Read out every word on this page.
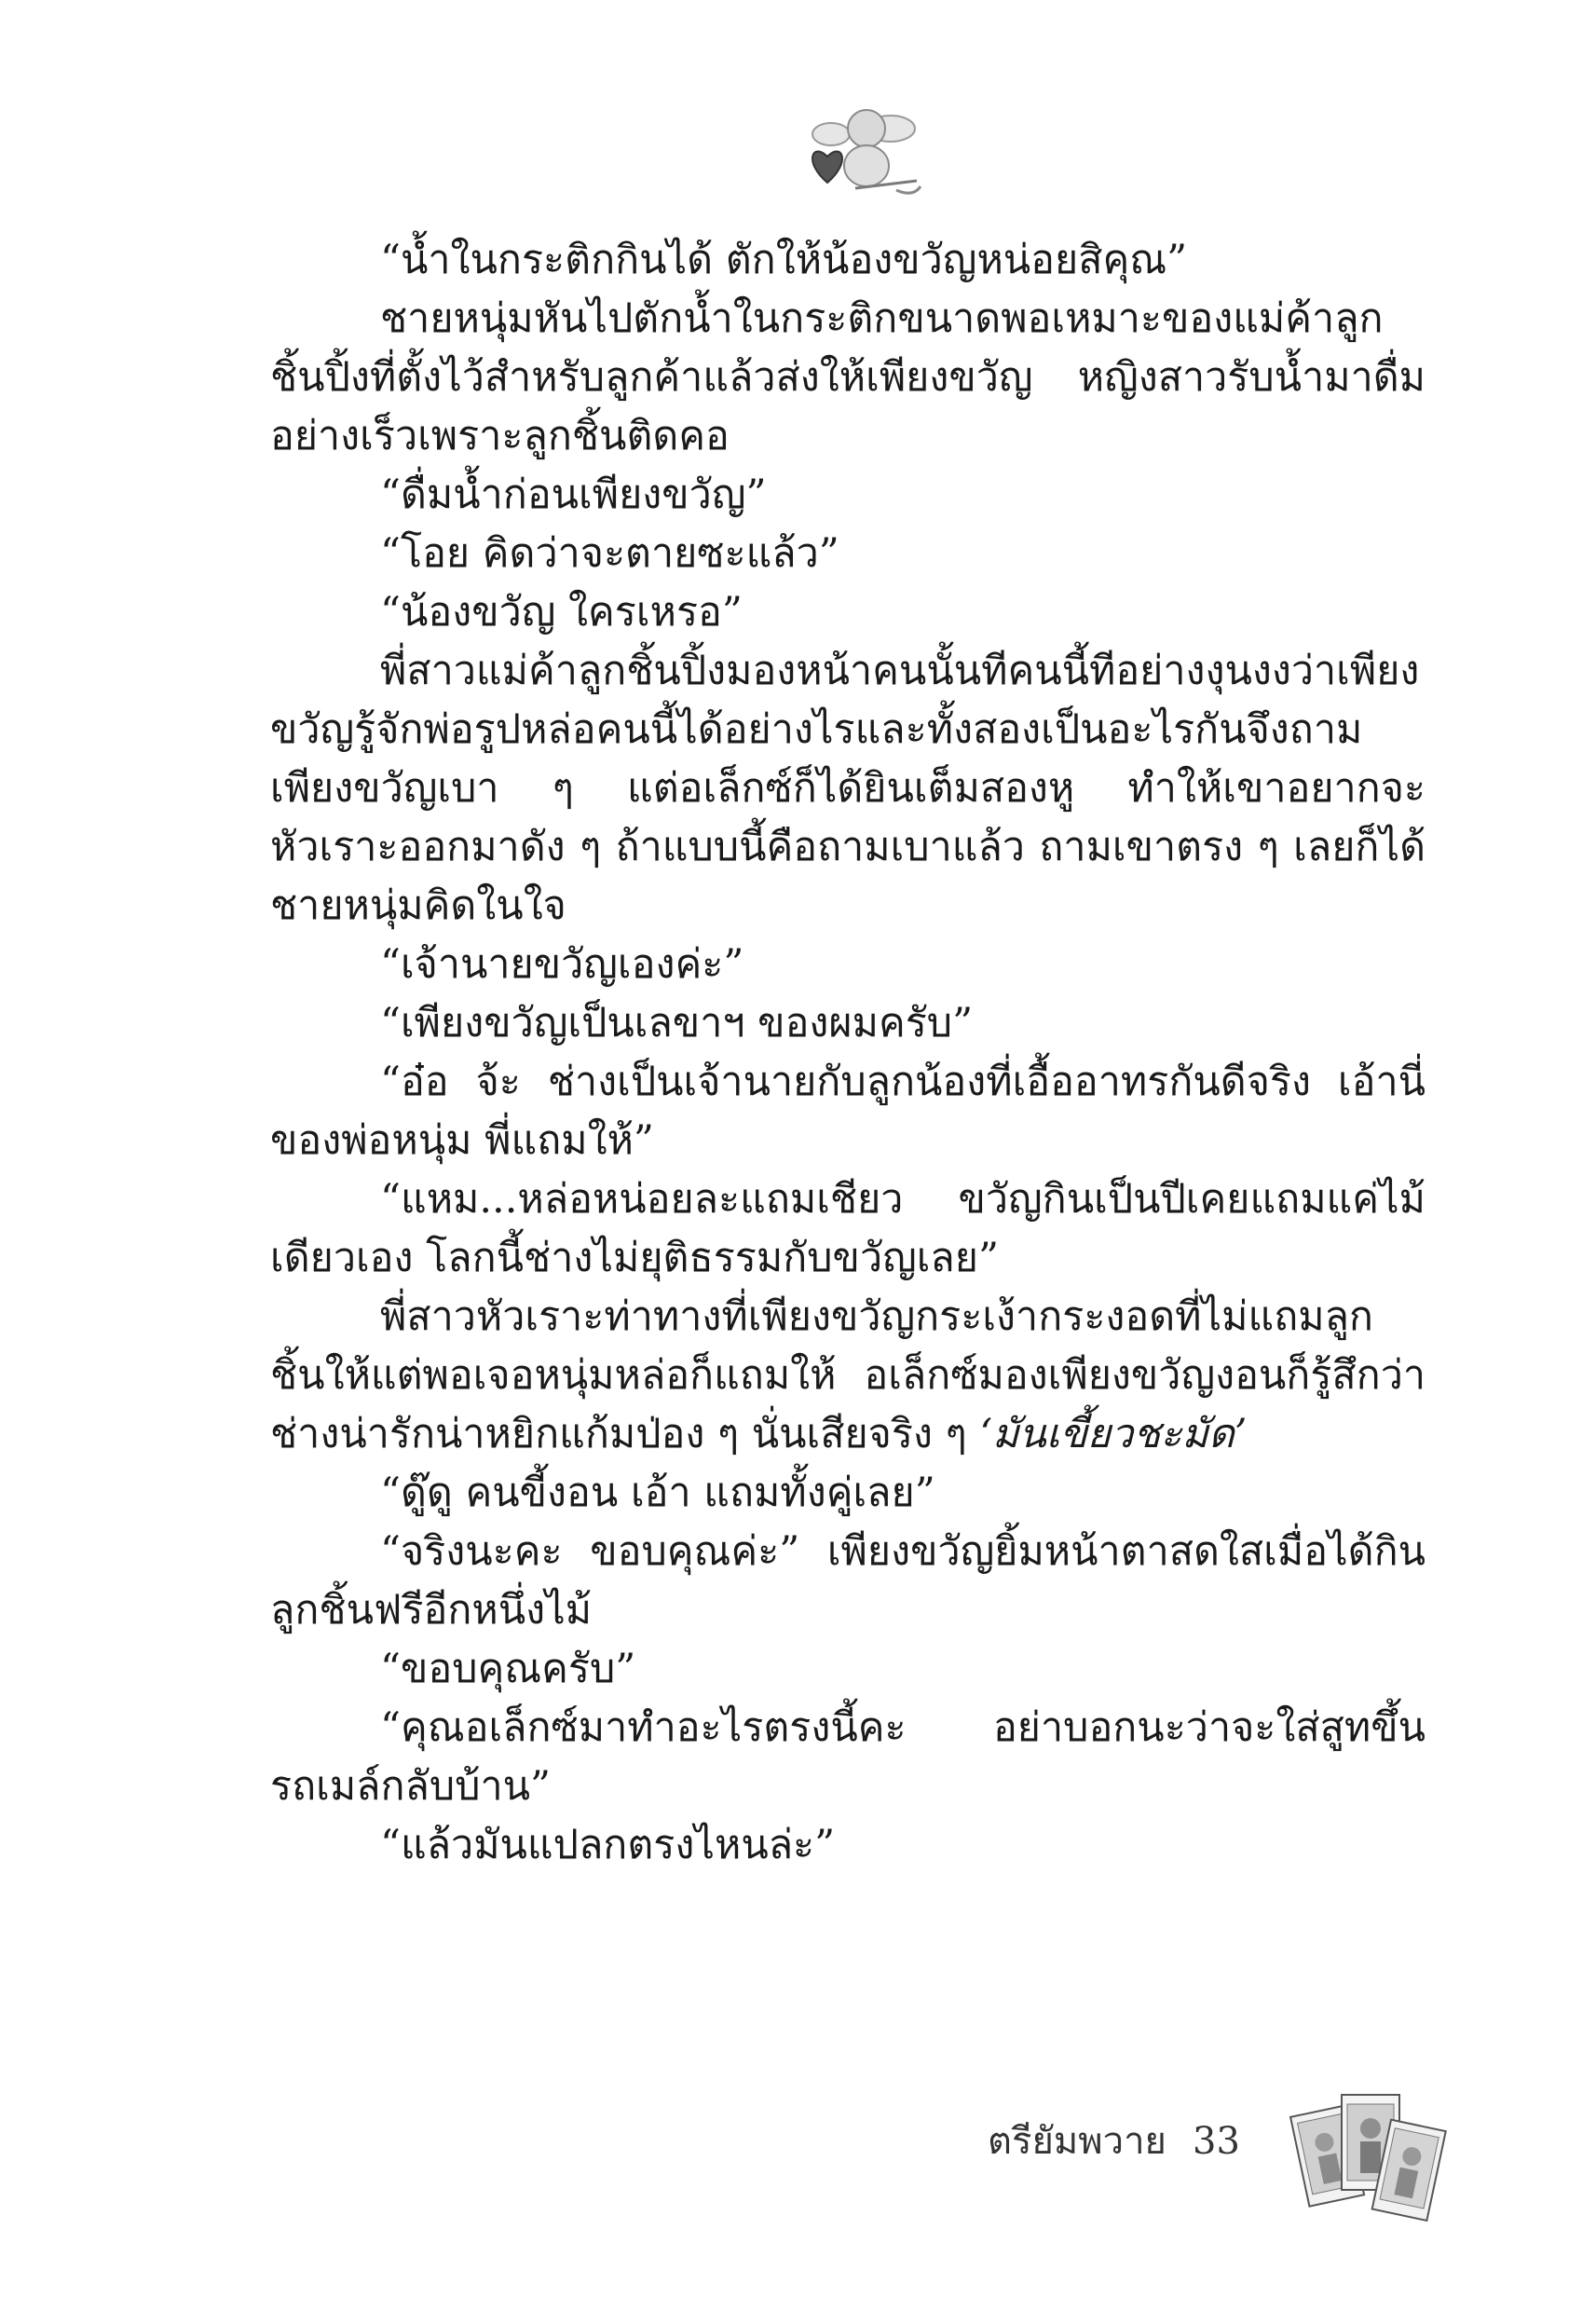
“น้ำในกระติกกินได้ ตักให้น้องขวัญหน่อยสิคุณ”

ชายหนุ่มหันไปตักน้ำในกระติกขนาดพอเหมาะของแม่ค้าลูกชิ้นปิ้งที่ตั้งไว้สำหรับลูกค้าแล้วส่งให้เพียงขวัญ หญิงสาวรับน้ำมาดื่มอย่างเร็วเพราะลูกชิ้นติดคอ

“ดื่มน้ำก่อนเพียงขวัญ”

“โอย คิดว่าจะตายซะแล้ว”

“น้องขวัญ ใครเหรอ”

พี่สาวแม่ค้าลูกชิ้นปิ้งมองหน้าคนนั้นทีคนนี้ทีอย่างงุนงงว่าเพียงขวัญรู้จักพ่อรูปหล่อคนนี้ได้อย่างไรและทั้งสองเป็นอะไรกันจึงถามเพียงขวัญเบา ๆ แต่อเล็กซ์ก็ได้ยินเต็มสองหู ทำให้เขาอยากจะหัวเราะออกมาดัง ๆ ถ้าแบบนี้คือถามเบาแล้ว ถามเขาตรง ๆ เลยก็ได้ ชายหนุ่มคิดในใจ

“เจ้านายขวัญเองค่ะ”

“เพียงขวัญเป็นเลขาฯ ของผมครับ”

“อ๋อ จ้ะ ช่างเป็นเจ้านายกับลูกน้องที่เอื้ออาทรกันดีจริง เอ้านี่ของพ่อหนุ่ม พี่แถมให้”

“แหม...หล่อหน่อยละแถมเชียว ขวัญกินเป็นปีเคยแถมแค่ไม้เดียวเอง โลกนี้ช่างไม่ยุติธรรมกับขวัญเลย”

พี่สาวหัวเราะท่าทางที่เพียงขวัญกระเง้ากระงอดที่ไม่แถมลูกชิ้นให้แต่พอเจอหนุ่มหล่อก็แถมให้ อเล็กซ์มองเพียงขวัญงอนก็รู้สึกว่าช่างน่ารักน่าหยิกแก้มป่อง ๆ นั่นเสียจริง ๆ ‘มันเขี้ยวชะมัด’

“ดู๊ดู คนขี้งอน เอ้า แถมทั้งคู่เลย”

“จริงนะคะ ขอบคุณค่ะ” เพียงขวัญยิ้มหน้าตาสดใสเมื่อได้กินลูกชิ้นฟรีอีกหนึ่งไม้

“ขอบคุณครับ”

“คุณอเล็กซ์มาทำอะไรตรงนี้คะ อย่าบอกนะว่าจะใส่สูทขึ้นรถเมล์กลับบ้าน”

“แล้วมันแปลกตรงไหนล่ะ”

ตรียัมพวาย 33
